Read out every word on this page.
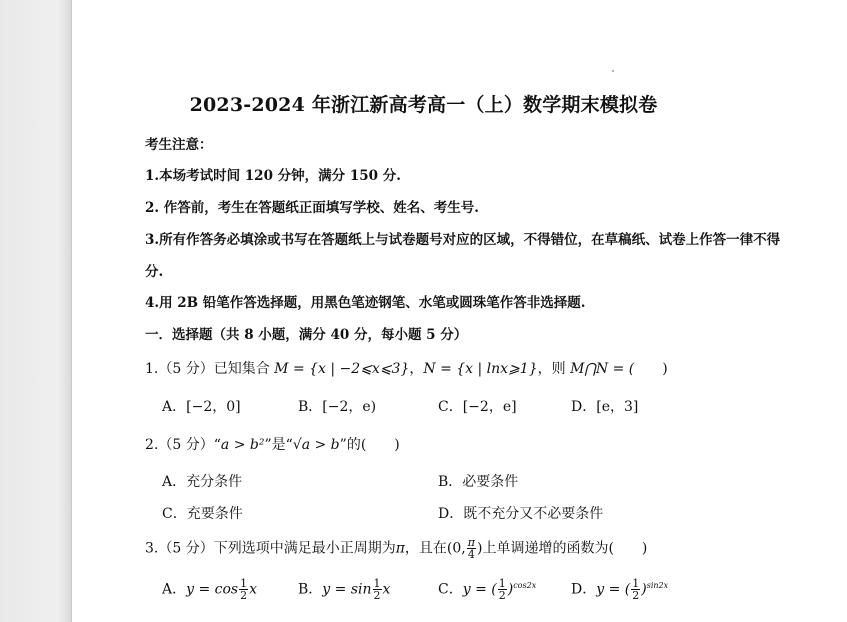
2023-2024 年浙江新高考高一（上）数学期末模拟卷
考生注意：
1.本场考试时间 120 分钟，满分 150 分.
2. 作答前，考生在答题纸正面填写学校、姓名、考生号.
3.所有作答务必填涂或书写在答题纸上与试卷题号对应的区域，不得错位，在草稿纸、试卷上作答一律不得
分.
4.用 2B 铅笔作答选择题，用黑色笔迹钢笔、水笔或圆珠笔作答非选择题.
一．选择题（共 8 小题，满分 40 分，每小题 5 分）
1.（5 分）已知集合 M = {x | −2⩽x⩽3}，N = {x | lnx⩾1}，则 M⋂N = ( )
A．[−2，0]	B．[−2，e)	C．[−2，e]	D．[e，3]
2.（5 分）“a > b²”是“√a > b”的( )
A．充分条件	B．必要条件
C．充要条件	D．既不充分又不必要条件
3.（5 分）下列选项中满足最小正周期为π，且在(0, $\frac{\pi}{4}$ )上单调递增的函数为( )
A．$y = \cos \frac{1}{2}$ x	B．$y = \sin \frac{1}{2}$ x	C．y = ( $\frac{1}{2} )^{cos2x}$ D．y = ( $\frac{1}{2} )^{sin2x}$
